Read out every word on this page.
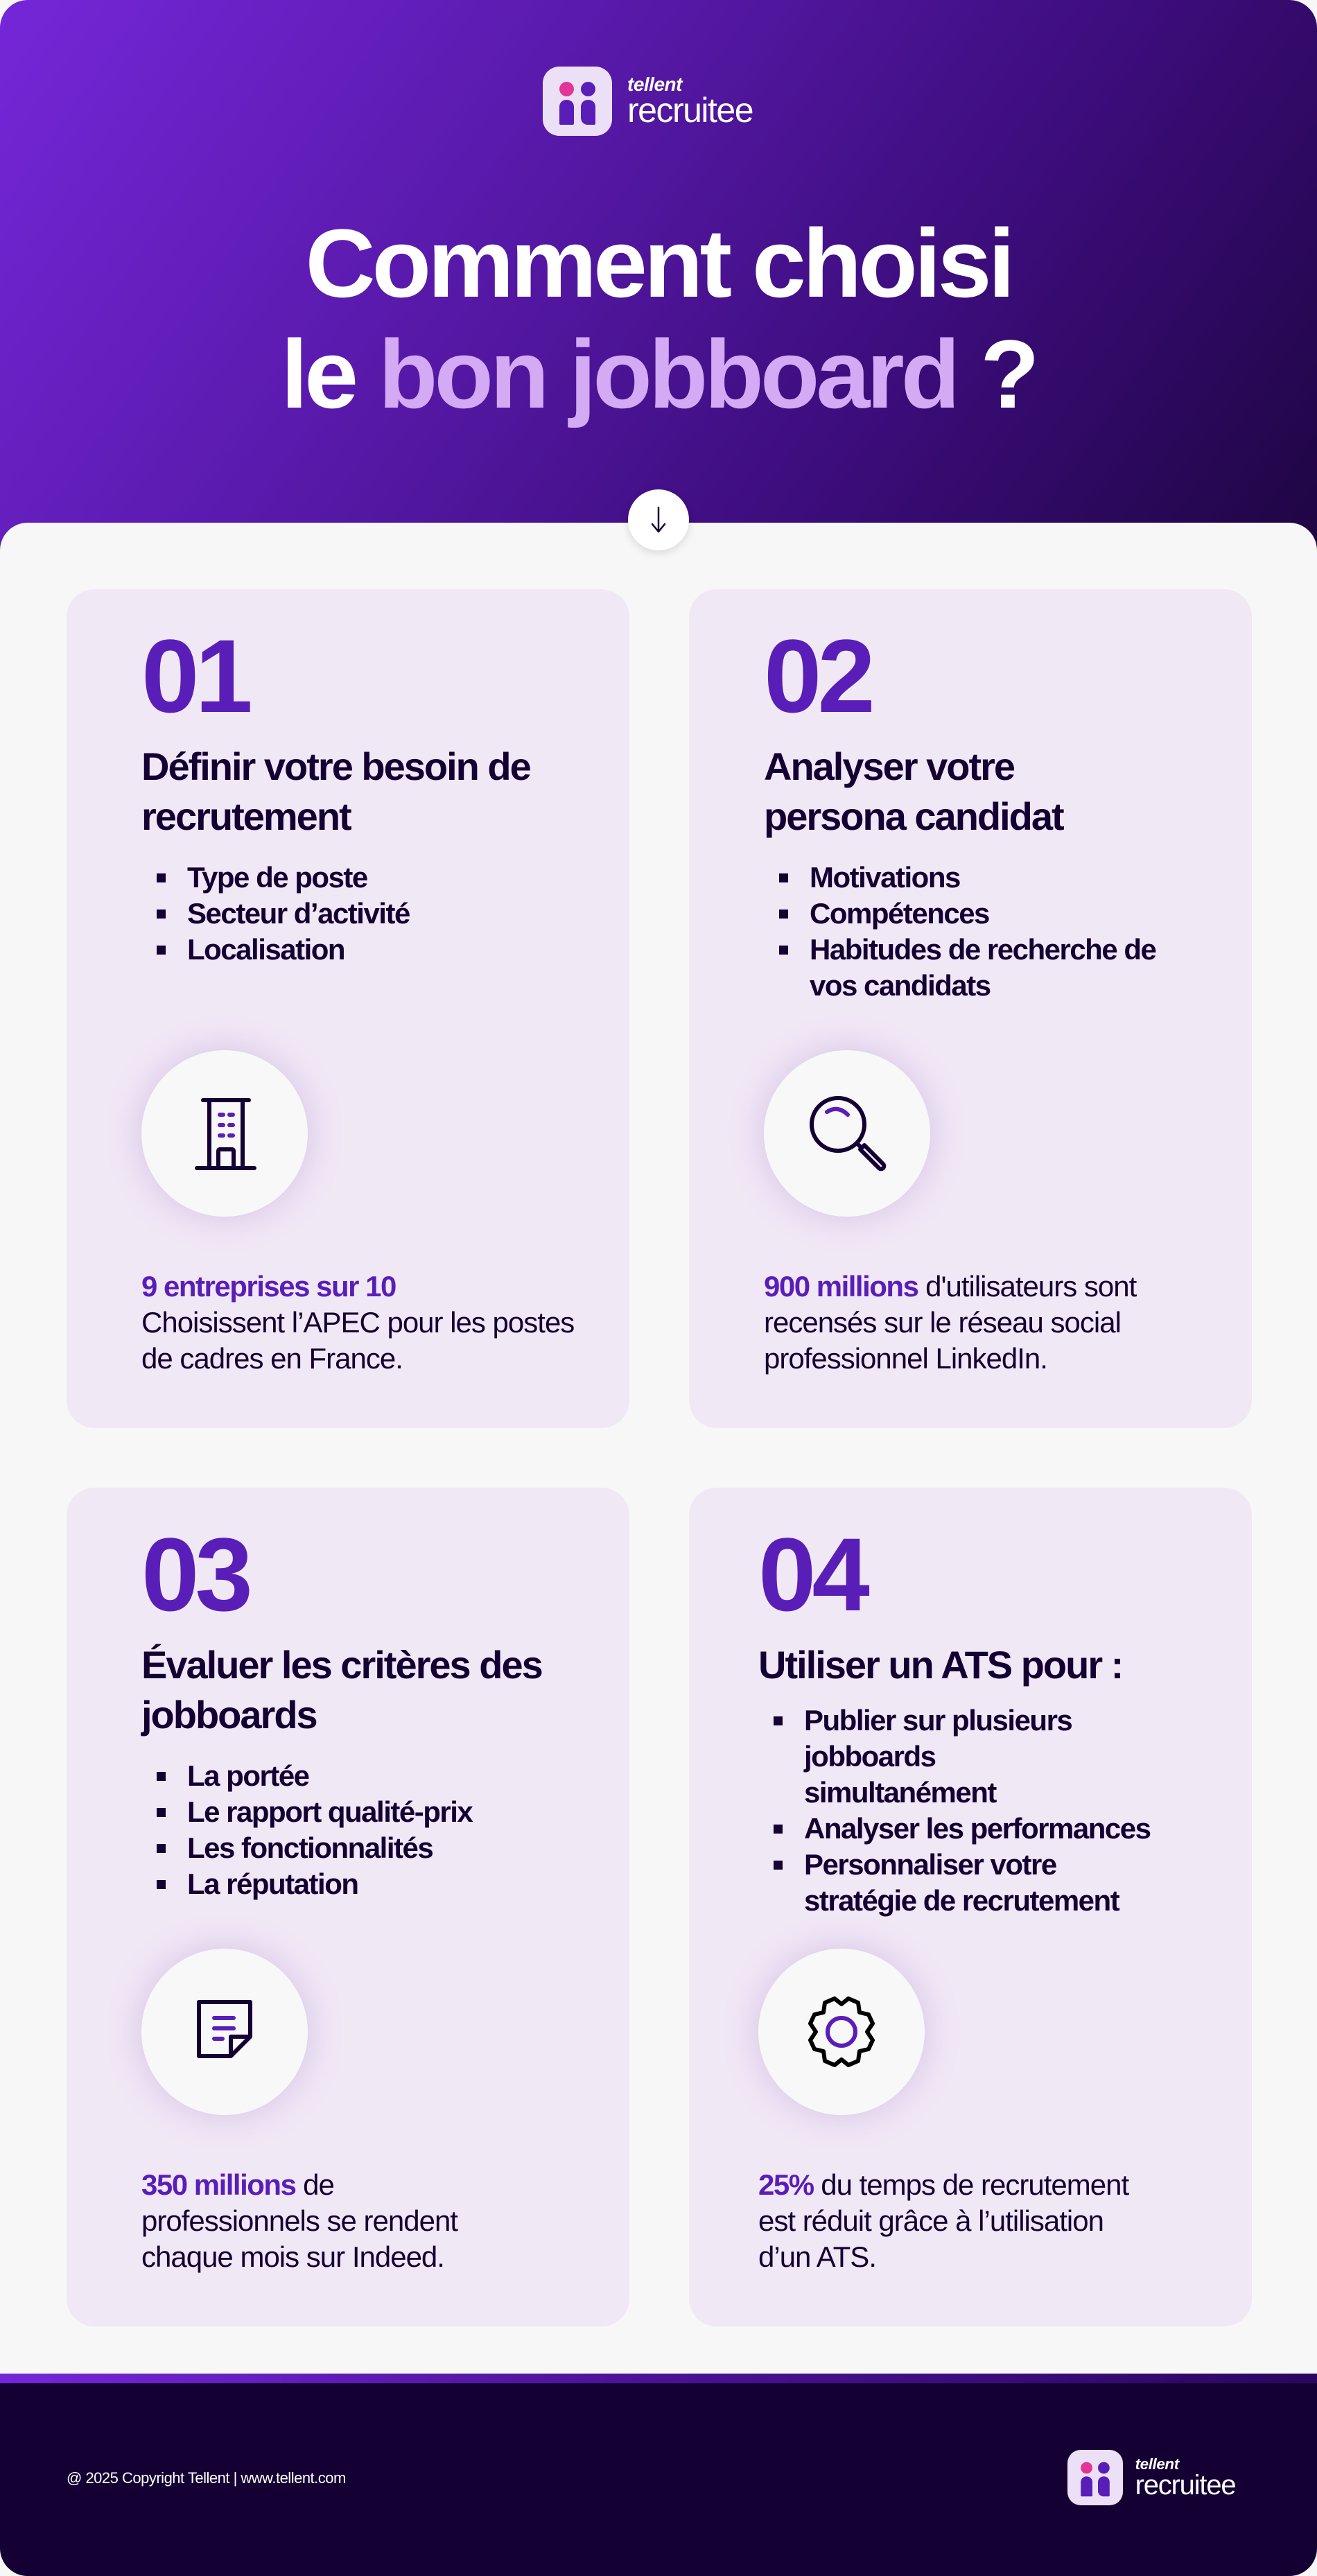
tellent
recruitee
Comment choisi
le bon jobboard ?
01
Définir votre besoin de recrutement
Type de poste
Secteur d’activité
Localisation

9 entreprises sur 10
Choisissent l’APEC pour les postes de cadres en France.

02
Analyser votre persona candidat
Motivations
Compétences
Habitudes de recherche de vos candidats

900 millions d'utilisateurs sont recensés sur le réseau social professionnel LinkedIn.

03
Évaluer les critères des jobboards
La portée
Le rapport qualité-prix
Les fonctionnalités
La réputation

350 millions de professionnels se rendent chaque mois sur Indeed.

04
Utiliser un ATS pour :
Publier sur plusieurs jobboards simultanément
Analyser les performances
Personnaliser votre stratégie de recrutement

25% du temps de recrutement est réduit grâce à l’utilisation d’un ATS.

@ 2025 Copyright Tellent | www.tellent.com
tellent
recruitee
